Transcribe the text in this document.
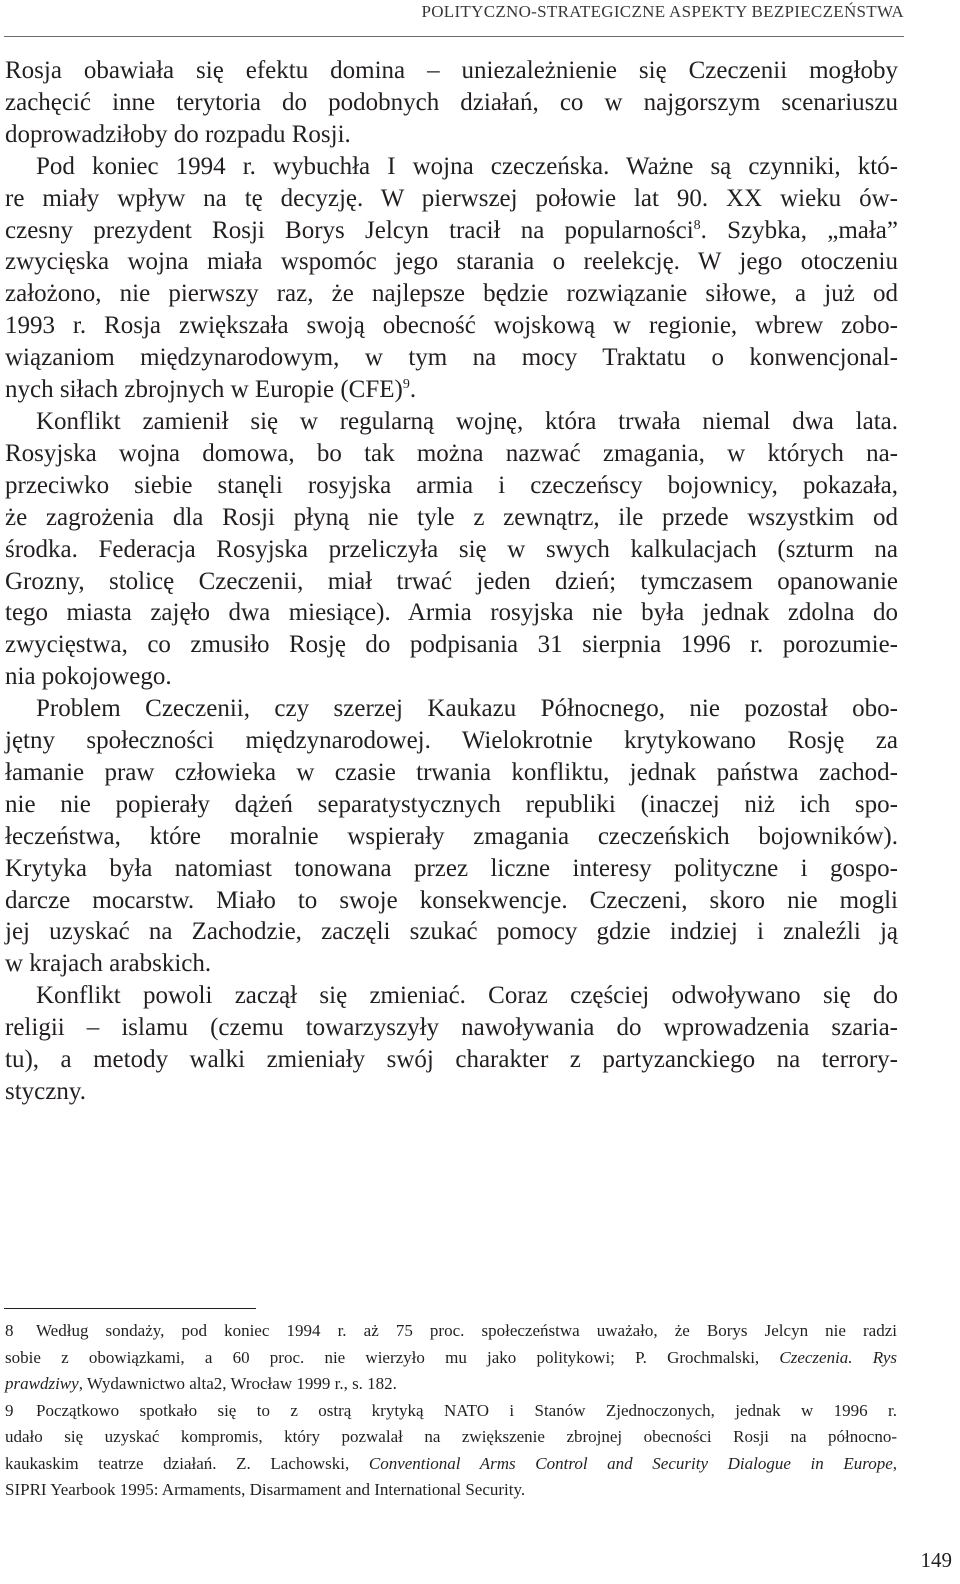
POLITYCZNO-STRATEGICZNE ASPEKTY BEZPIECZEŃSTWA
Rosja obawiała się efektu domina – uniezależnienie się Czeczenii mogłoby
zachęcić inne terytoria do podobnych działań, co w najgorszym scenariuszu
doprowadziłoby do rozpadu Rosji.
Pod koniec 1994 r. wybuchła I wojna czeczeńska. Ważne są czynniki, któ-
re miały wpływ na tę decyzję. W pierwszej połowie lat 90. XX wieku ów-
czesny prezydent Rosji Borys Jelcyn tracił na popularności$^8$. Szybka, „mała”
zwycięska wojna miała wspomóc jego starania o reelekcję. W jego otoczeniu
założono, nie pierwszy raz, że najlepsze będzie rozwiązanie siłowe, a już od
1993 r. Rosja zwiększała swoją obecność wojskową w regionie, wbrew zobo-
wiązaniom międzynarodowym, w tym na mocy Traktatu o konwencjonal-
nych siłach zbrojnych w Europie (CFE)$^9$.
Konflikt zamienił się w regularną wojnę, która trwała niemal dwa lata.
Rosyjska wojna domowa, bo tak można nazwać zmagania, w których na-
przeciwko siebie stanęli rosyjska armia i czeczeńscy bojownicy, pokazała,
że zagrożenia dla Rosji płyną nie tyle z zewnątrz, ile przede wszystkim od
środka. Federacja Rosyjska przeliczyła się w swych kalkulacjach (szturm na
Grozny, stolicę Czeczenii, miał trwać jeden dzień; tymczasem opanowanie
tego miasta zajęło dwa miesiące). Armia rosyjska nie była jednak zdolna do
zwycięstwa, co zmusiło Rosję do podpisania 31 sierpnia 1996 r. porozumie-
nia pokojowego.
Problem Czeczenii, czy szerzej Kaukazu Północnego, nie pozostał obo-
jętny społeczności międzynarodowej. Wielokrotnie krytykowano Rosję za
łamanie praw człowieka w czasie trwania konfliktu, jednak państwa zachod-
nie nie popierały dążeń separatystycznych republiki (inaczej niż ich spo-
łeczeństwa, które moralnie wspierały zmagania czeczeńskich bojowników).
Krytyka była natomiast tonowana przez liczne interesy polityczne i gospo-
darcze mocarstw. Miało to swoje konsekwencje. Czeczeni, skoro nie mogli
jej uzyskać na Zachodzie, zaczęli szukać pomocy gdzie indziej i znaleźli ją
w krajach arabskich.
Konflikt powoli zaczął się zmieniać. Coraz częściej odwoływano się do
religii – islamu (czemu towarzyszyły nawoływania do wprowadzenia szaria-
tu), a metody walki zmieniały swój charakter z partyzanckiego na terrory-
styczny.
8 Według sondaży, pod koniec 1994 r. aż 75 proc. społeczeństwa uważało, że Borys Jelcyn nie radzi
sobie z obowiązkami, a 60 proc. nie wierzyło mu jako politykowi; P. Grochmalski, Czeczenia. Rys
prawdziwy, Wydawnictwo alta2, Wrocław 1999 r., s. 182.
9 Początkowo spotkało się to z ostrą krytyką NATO i Stanów Zjednoczonych, jednak w 1996 r.
udało się uzyskać kompromis, który pozwalał na zwiększenie zbrojnej obecności Rosji na północno-
kaukaskim teatrze działań. Z. Lachowski, Conventional Arms Control and Security Dialogue in Europe,
SIPRI Yearbook 1995: Armaments, Disarmament and International Security.
149
